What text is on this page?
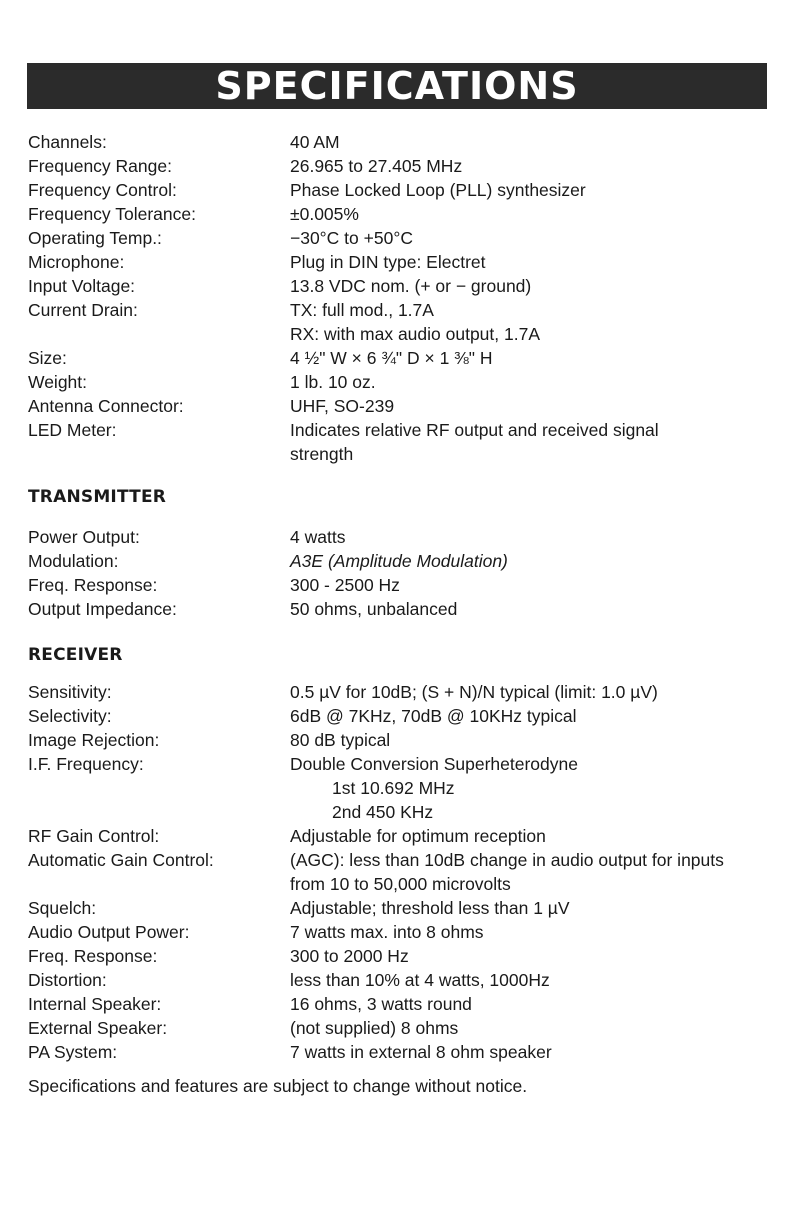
SPECIFICATIONS
Channels:	40 AM
Frequency Range:	26.965 to 27.405 MHz
Frequency Control:	Phase Locked Loop (PLL) synthesizer
Frequency Tolerance:	±0.005%
Operating Temp.:	−30°C to +50°C
Microphone:	Plug in DIN type: Electret
Input Voltage:	13.8 VDC nom. (+ or − ground)
Current Drain:	TX: full mod., 1.7A
RX: with max audio output, 1.7A
Size:	4 ½" W × 6 ¾" D × 1 ⅜" H
Weight:	1 lb. 10 oz.
Antenna Connector:	UHF, SO-239
LED Meter:	Indicates relative RF output and received signal
strength
TRANSMITTER
Power Output:	4 watts
Modulation:	A3E (Amplitude Modulation)
Freq. Response:	300 - 2500 Hz
Output Impedance:	50 ohms, unbalanced
RECEIVER
Sensitivity:	0.5 µV for 10dB; (S + N)/N typical (limit: 1.0 µV)
Selectivity:	6dB @ 7KHz, 70dB @ 10KHz typical
Image Rejection:	80 dB typical
I.F. Frequency:	Double Conversion Superheterodyne
1st 10.692 MHz
2nd 450 KHz
RF Gain Control:	Adjustable for optimum reception
Automatic Gain Control:	(AGC): less than 10dB change in audio output for inputs
from 10 to 50,000 microvolts
Squelch:	Adjustable; threshold less than 1 µV
Audio Output Power:	7 watts max. into 8 ohms
Freq. Response:	300 to 2000 Hz
Distortion:	less than 10% at 4 watts, 1000Hz
Internal Speaker:	16 ohms, 3 watts round
External Speaker:	(not supplied) 8 ohms
PA System:	7 watts in external 8 ohm speaker
Specifications and features are subject to change without notice.
